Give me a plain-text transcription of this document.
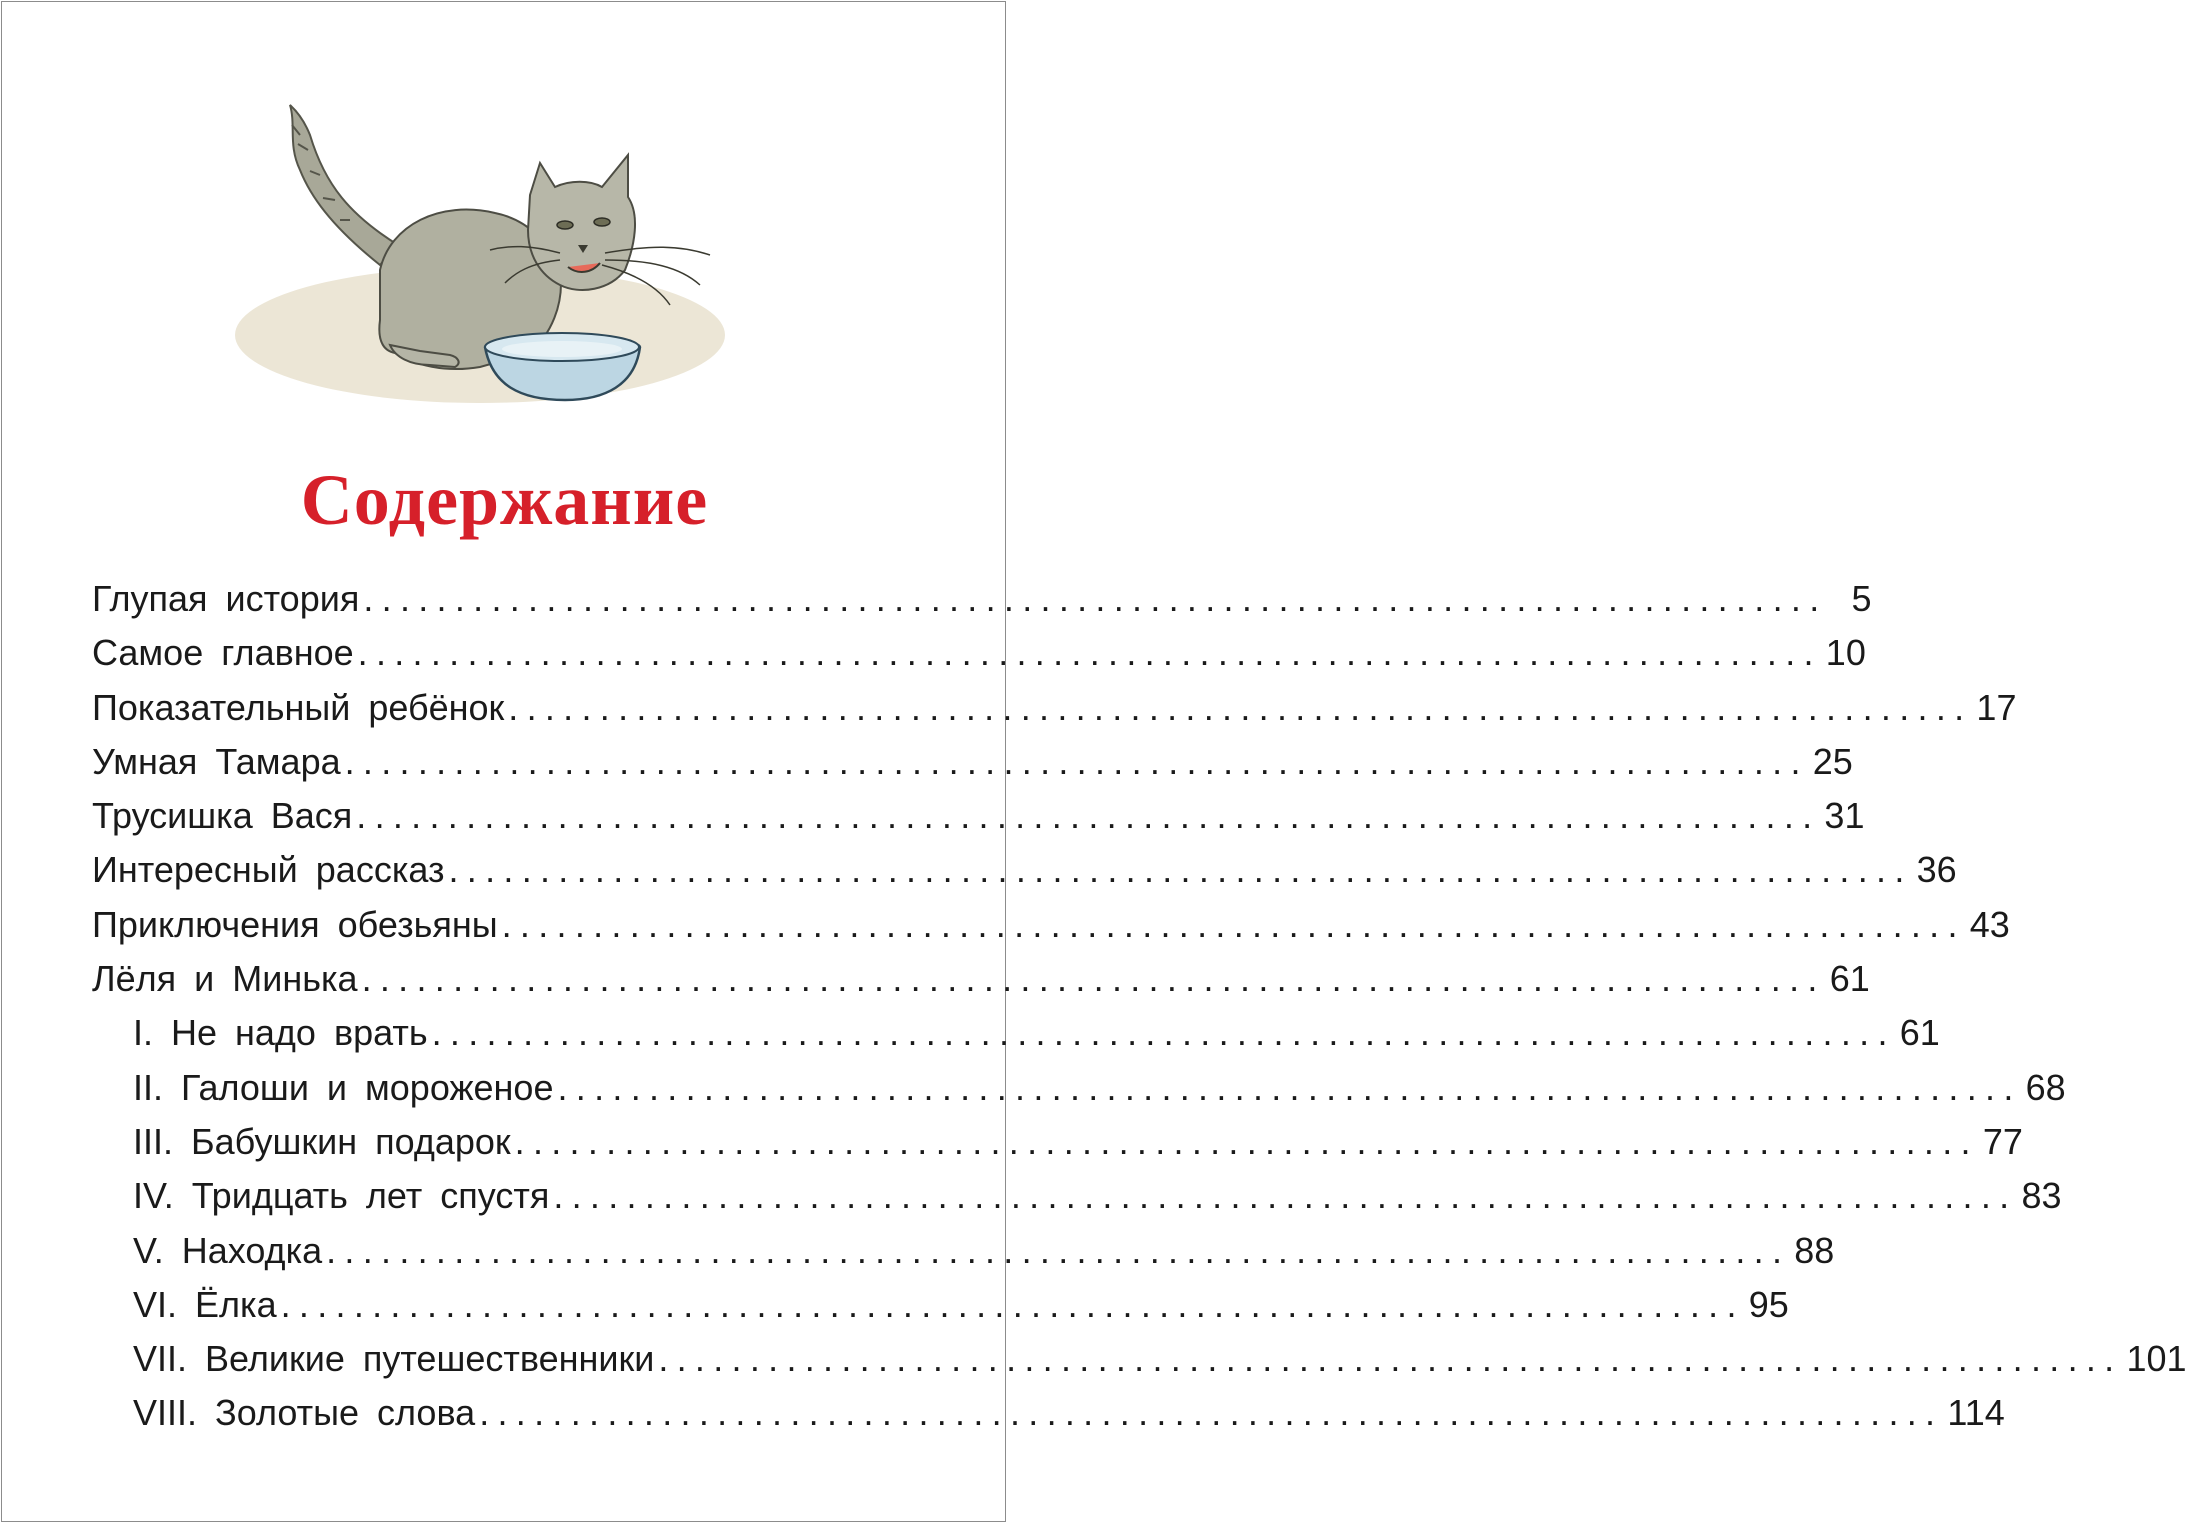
Содержание
Глупая история ................................................................................ 5
Самое главное ................................................................................ 10
Показательный ребёнок ................................................................................ 17
Умная Тамара ................................................................................ 25
Трусишка Вася ................................................................................ 31
Интересный рассказ ................................................................................ 36
Приключения обезьяны ................................................................................ 43
Лёля и Минька ................................................................................ 61
I. Не надо врать ................................................................................ 61
II. Галоши и мороженое ................................................................................ 68
III. Бабушкин подарок ................................................................................ 77
IV. Тридцать лет спустя ................................................................................ 83
V. Находка ................................................................................ 88
VI. Ёлка ................................................................................ 95
VII. Великие путешественники ................................................................................ 101
VIII. Золотые слова ................................................................................ 114
